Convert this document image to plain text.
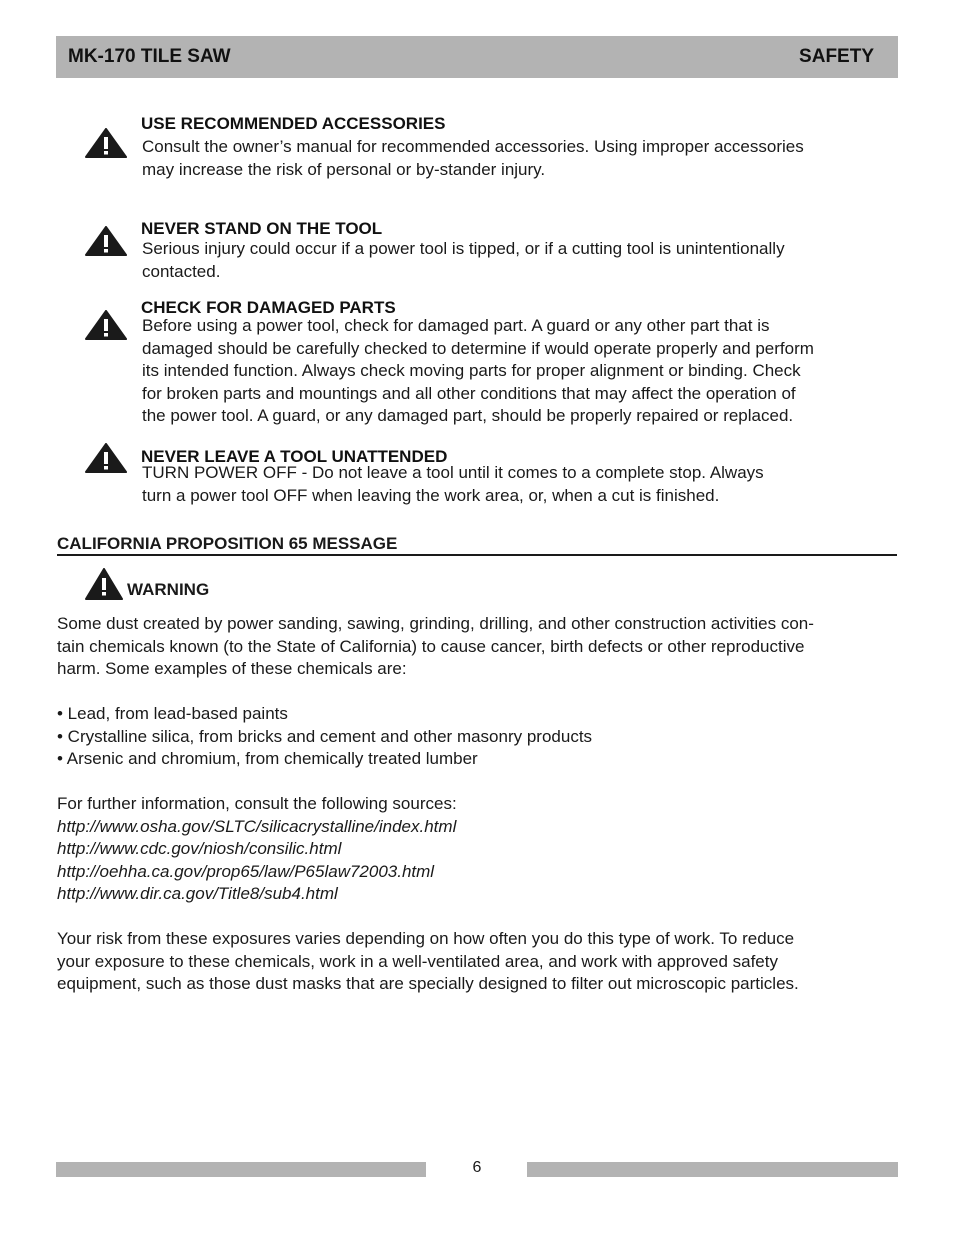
MK-170 TILE SAW	SAFETY
USE RECOMMENDED ACCESSORIES
Consult the owner’s manual for recommended accessories. Using improper accessories
may increase the risk of personal or by-stander injury.
NEVER STAND ON THE TOOL
Serious injury could occur if a power tool is tipped, or if a cutting tool is unintentionally
contacted.
CHECK FOR DAMAGED PARTS
Before using a power tool, check for damaged part. A guard or any other part that is
damaged should be carefully checked to determine if would operate properly and perform
its intended function. Always check moving parts for proper alignment or binding. Check
for broken parts and mountings and all other conditions that may affect the operation of
the power tool. A guard, or any damaged part, should be properly repaired or replaced.
NEVER LEAVE A TOOL UNATTENDED
TURN POWER OFF - Do not leave a tool until it comes to a complete stop. Always
turn a power tool OFF when leaving the work area, or, when a cut is finished.
CALIFORNIA PROPOSITION 65 MESSAGE
WARNING
Some dust created by power sanding, sawing, grinding, drilling, and other construction activities con-
tain chemicals known (to the State of California) to cause cancer, birth defects or other reproductive
harm. Some examples of these chemicals are:
• Lead, from lead-based paints
• Crystalline silica, from bricks and cement and other masonry products
• Arsenic and chromium, from chemically treated lumber
For further information, consult the following sources:
http://www.osha.gov/SLTC/silicacrystalline/index.html
http://www.cdc.gov/niosh/consilic.html
http://oehha.ca.gov/prop65/law/P65law72003.html
http://www.dir.ca.gov/Title8/sub4.html
Your risk from these exposures varies depending on how often you do this type of work. To reduce
your exposure to these chemicals, work in a well-ventilated area, and work with approved safety
equipment, such as those dust masks that are specially designed to filter out microscopic particles.
6
